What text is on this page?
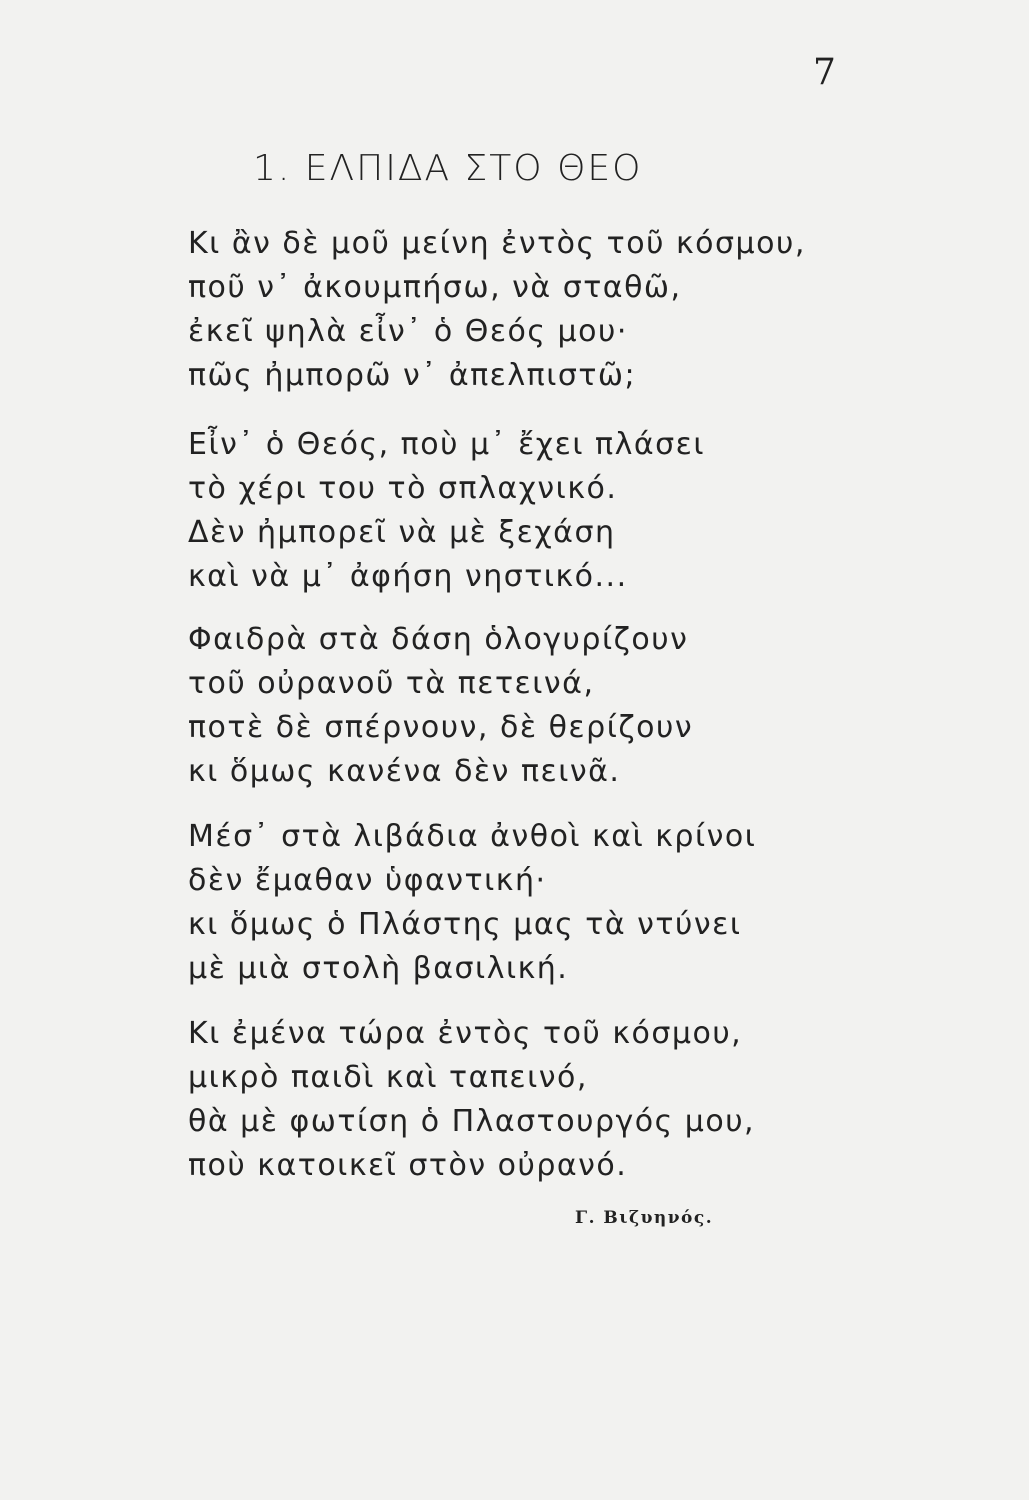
7
1. ΕΛΠΙΔΑ ΣΤΟ ΘΕΟ
Κι ἂν δὲ μοῦ μείνη ἐντὸς τοῦ κόσμου,
ποῦ ν᾽ ἀκουμπήσω, νὰ σταθῶ,
ἐκεῖ ψηλὰ εἶν᾽ ὁ Θεός μου·
πῶς ἠμπορῶ ν᾽ ἀπελπιστῶ;
Εἶν᾽ ὁ Θεός, ποὺ μ᾽ ἔχει πλάσει
τὸ χέρι του τὸ σπλαχνικό.
Δὲν ἠμπορεῖ νὰ μὲ ξεχάση
καὶ νὰ μ᾽ ἀφήση νηστικό...
Φαιδρὰ στὰ δάση ὁλογυρίζουν
τοῦ οὐρανοῦ τὰ πετεινά,
ποτὲ δὲ σπέρνουν, δὲ θερίζουν
κι ὅμως κανένα δὲν πεινᾶ.
Μέσ᾽ στὰ λιβάδια ἀνθοὶ καὶ κρίνοι
δὲν ἔμαθαν ὑφαντική·
κι ὅμως ὁ Πλάστης μας τὰ ντύνει
μὲ μιὰ στολὴ βασιλική.
Κι ἐμένα τώρα ἐντὸς τοῦ κόσμου,
μικρὸ παιδὶ καὶ ταπεινό,
θὰ μὲ φωτίση ὁ Πλαστουργός μου,
ποὺ κατοικεῖ στὸν οὐρανό.
Γ. Βιζυηνός.
